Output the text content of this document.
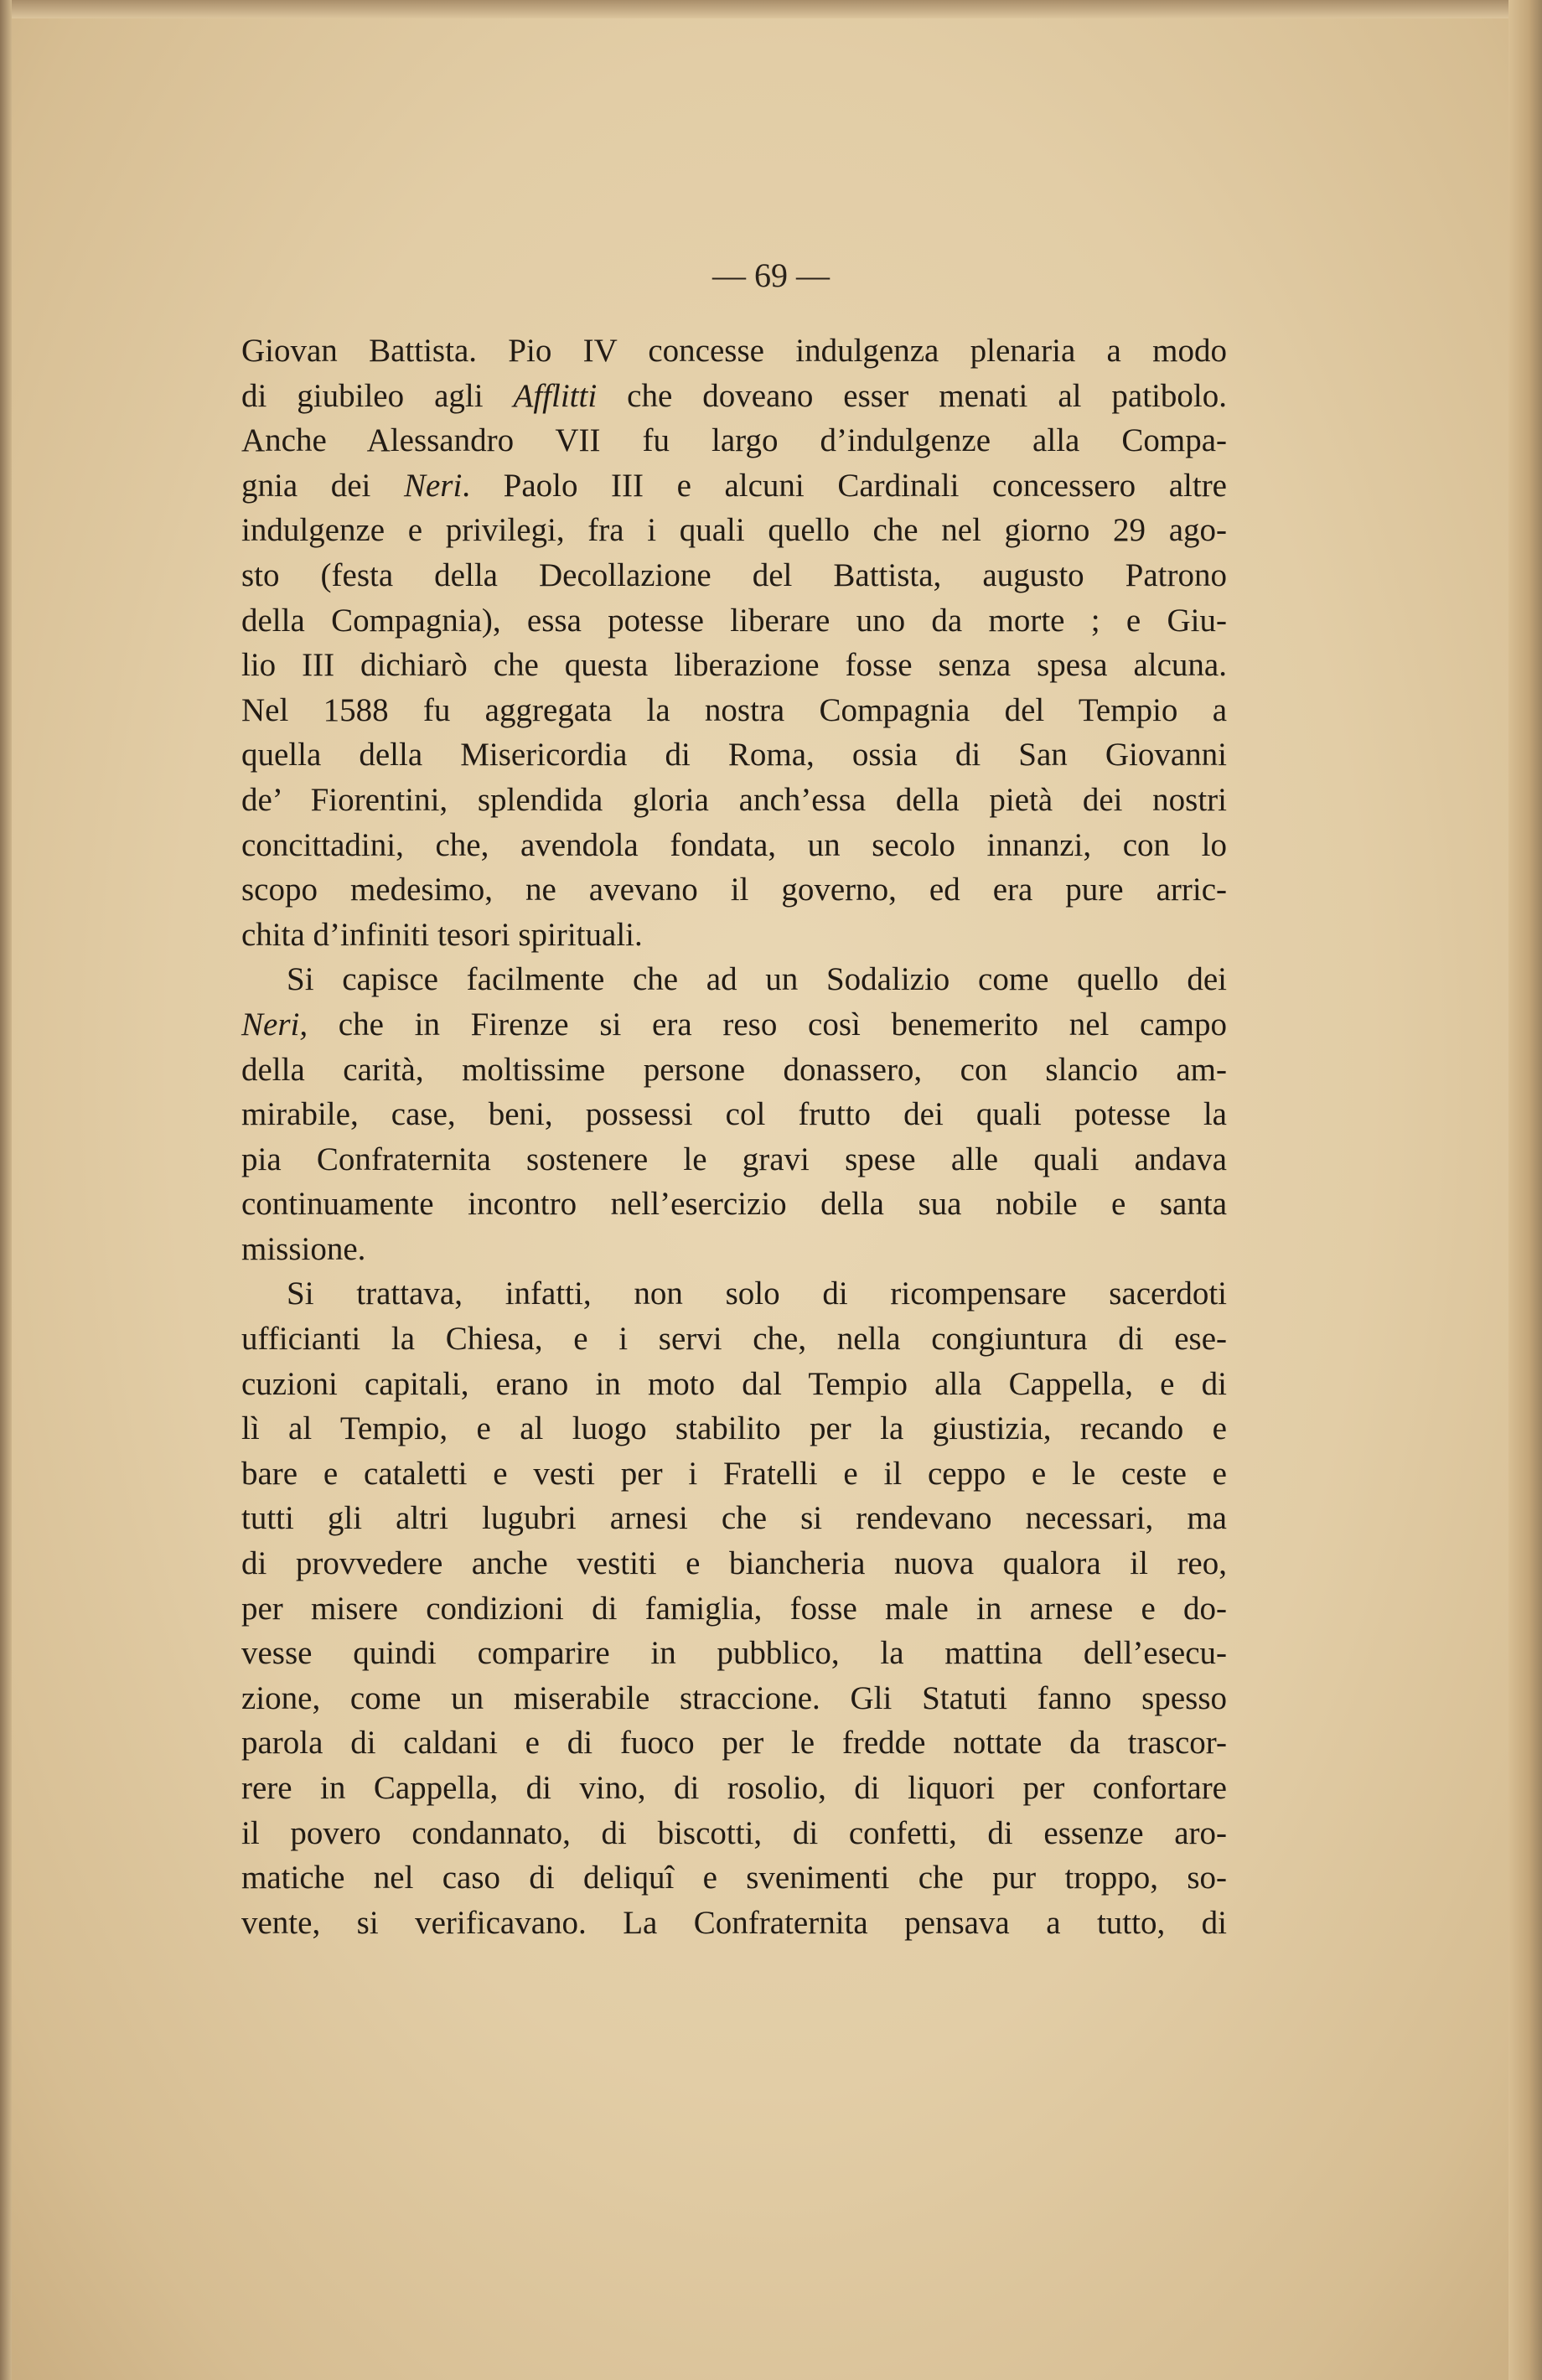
— 69 —
Giovan Battista. Pio IV concesse indulgenza plenaria a modo
di giubileo agli Afflitti che doveano esser menati al patibolo.
Anche Alessandro VII fu largo d’indulgenze alla Compa-
gnia dei Neri. Paolo III e alcuni Cardinali concessero altre
indulgenze e privilegi, fra i quali quello che nel giorno 29 ago-
sto (festa della Decollazione del Battista, augusto Patrono
della Compagnia), essa potesse liberare uno da morte ; e Giu-
lio III dichiarò che questa liberazione fosse senza spesa alcuna.
Nel 1588 fu aggregata la nostra Compagnia del Tempio a
quella della Misericordia di Roma, ossia di San Giovanni
de’ Fiorentini, splendida gloria anch’essa della pietà dei nostri
concittadini, che, avendola fondata, un secolo innanzi, con lo
scopo medesimo, ne avevano il governo, ed era pure arric-
chita d’infiniti tesori spirituali.
Si capisce facilmente che ad un Sodalizio come quello dei
Neri, che in Firenze si era reso così benemerito nel campo
della carità, moltissime persone donassero, con slancio am-
mirabile, case, beni, possessi col frutto dei quali potesse la
pia Confraternita sostenere le gravi spese alle quali andava
continuamente incontro nell’esercizio della sua nobile e santa
missione.
Si trattava, infatti, non solo di ricompensare sacerdoti
ufficianti la Chiesa, e i servi che, nella congiuntura di ese-
cuzioni capitali, erano in moto dal Tempio alla Cappella, e di
lì al Tempio, e al luogo stabilito per la giustizia, recando e
bare e cataletti e vesti per i Fratelli e il ceppo e le ceste e
tutti gli altri lugubri arnesi che si rendevano necessari, ma
di provvedere anche vestiti e biancheria nuova qualora il reo,
per misere condizioni di famiglia, fosse male in arnese e do-
vesse quindi comparire in pubblico, la mattina dell’esecu-
zione, come un miserabile straccione. Gli Statuti fanno spesso
parola di caldani e di fuoco per le fredde nottate da trascor-
rere in Cappella, di vino, di rosolio, di liquori per confortare
il povero condannato, di biscotti, di confetti, di essenze aro-
matiche nel caso di deliquî e svenimenti che pur troppo, so-
vente, si verificavano. La Confraternita pensava a tutto, di
